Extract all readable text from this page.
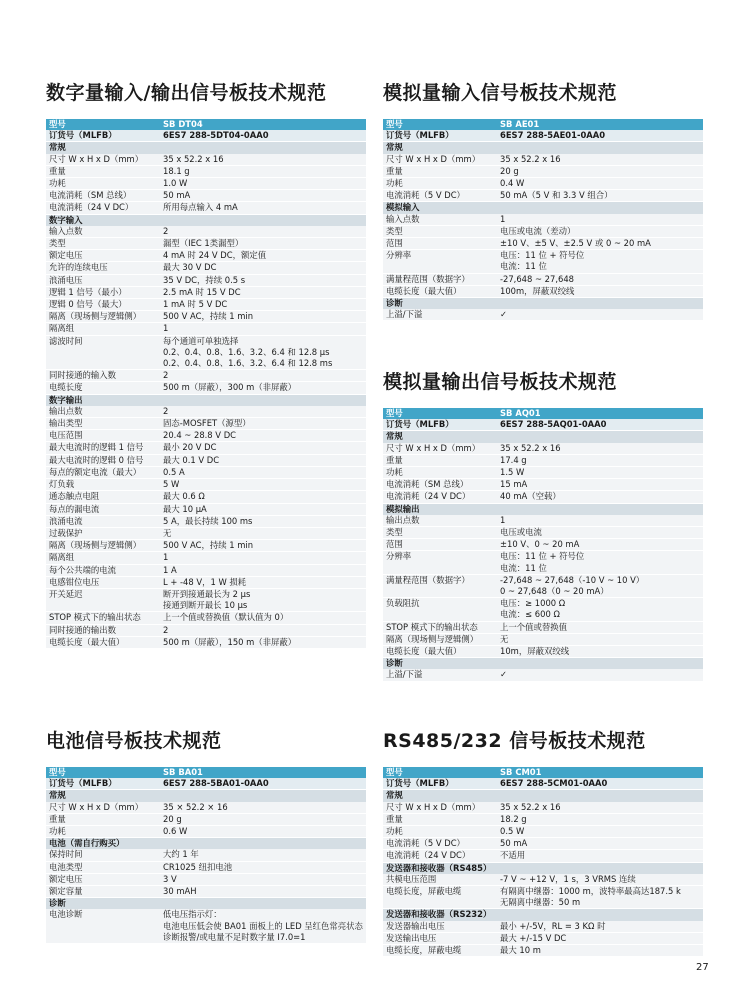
数字量输入/输出信号板技术规范
型号	SB DT04
订货号（MLFB）	6ES7 288-5DT04-0AA0
常规	
尺寸 W x H x D（mm）	35 x 52.2 x 16
重量	18.1 g
功耗	1.0 W
电流消耗（SM 总线）	50 mA
电流消耗（24 V DC）	所用每点输入 4 mA
数字输入	
输入点数	2
类型	漏型（IEC 1类漏型）
额定电压	4 mA 时 24 V DC，额定值
允许的连续电压	最大 30 V DC
浪涌电压	35 V DC，持续 0.5 s
逻辑 1 信号（最小）	2.5 mA 时 15 V DC
逻辑 0 信号（最大）	1 mA 时 5 V DC
隔离（现场侧与逻辑侧）	500 V AC，持续 1 min
隔离组	1
滤波时间	每个通道可单独选择
	0.2、0.4、0.8、1.6、3.2、6.4 和 12.8 μs
	0.2、0.4、0.8、1.6、3.2、6.4 和 12.8 ms
同时接通的输入数	2
电缆长度	500 m（屏蔽），300 m（非屏蔽）
数字输出	
输出点数	2
输出类型	固态-MOSFET（源型）
电压范围	20.4 ~ 28.8 V DC
最大电流时的逻辑 1 信号	最小 20 V DC
最大电流时的逻辑 0 信号	最大 0.1 V DC
每点的额定电流（最大）	0.5 A
灯负载	5 W
通态触点电阻	最大 0.6 Ω
每点的漏电流	最大 10 μA
浪涌电流	5 A，最长持续 100 ms
过载保护	无
隔离（现场侧与逻辑侧）	500 V AC，持续 1 min
隔离组	1
每个公共端的电流	1 A
电感钳位电压	L + -48 V，1 W 损耗
开关延迟	断开到接通最长为 2 μs
	接通到断开最长 10 μs
STOP 模式下的输出状态	上一个值或替换值（默认值为 0）
同时接通的输出数	2
电缆长度（最大值）	500 m（屏蔽），150 m（非屏蔽）
模拟量输入信号板技术规范
型号	SB AE01
订货号（MLFB）	6ES7 288-5AE01-0AA0
常规	
尺寸 W x H x D（mm）	35 x 52.2 x 16
重量	20 g
功耗	0.4 W
电流消耗（5 V DC）	50 mA（5 V 和 3.3 V 组合）
模拟输入	
输入点数	1
类型	电压或电流（差动）
范围	±10 V、±5 V、±2.5 V 或 0 ~ 20 mA
分辨率	电压：11 位 + 符号位
	电流：11 位
满量程范围（数据字）	-27,648 ~ 27,648
电缆长度（最大值）	100m，屏蔽双绞线
诊断	
上溢/下溢	✓
模拟量输出信号板技术规范
型号	SB AQ01
订货号（MLFB）	6ES7 288-5AQ01-0AA0
常规	
尺寸 W x H x D（mm）	35 x 52.2 x 16
重量	17.4 g
功耗	1.5 W
电流消耗（SM 总线）	15 mA
电流消耗（24 V DC）	40 mA（空载）
模拟输出	
输出点数	1
类型	电压或电流
范围	±10 V、0 ~ 20 mA
分辨率	电压：11 位 + 符号位
	电流：11 位
满量程范围（数据字）	-27,648 ~ 27,648（-10 V ~ 10 V）
	0 ~ 27,648（0 ~ 20 mA）
负载阻抗	电压：≥ 1000 Ω
	电流：≤ 600 Ω
STOP 模式下的输出状态	上一个值或替换值
隔离（现场侧与逻辑侧）	无
电缆长度（最大值）	10m，屏蔽双绞线
诊断	
上溢/下溢	✓
电池信号板技术规范
型号	SB BA01
订货号（MLFB）	6ES7 288-5BA01-0AA0
常规	
尺寸 W x H x D（mm）	35 × 52.2 × 16
重量	20 g
功耗	0.6 W
电池（需自行购买）	
保持时间	大约 1 年
电池类型	CR1025 纽扣电池
额定电压	3 V
额定容量	30 mAH
诊断	
电池诊断	低电压指示灯：
	电池电压低会使 BA01 面板上的 LED 呈红色常亮状态
	诊断报警/或电量不足时数字量 I7.0=1
RS485/232 信号板技术规范
型号	SB CM01
订货号（MLFB）	6ES7 288-5CM01-0AA0
常规	
尺寸 W x H x D（mm）	35 x 52.2 x 16
重量	18.2 g
功耗	0.5 W
电流消耗（5 V DC）	50 mA
电流消耗（24 V DC）	不适用
发送器和接收器（RS485）	
共模电压范围	-7 V ~ +12 V，1 s，3 VRMS 连续
电缆长度，屏蔽电缆	有隔离中继器：1000 m，波特率最高达187.5 k
	无隔离中继器：50 m
发送器和接收器（RS232）	
发送器输出电压	最小 +/-5V，RL = 3 KΩ 时
发送输出电压	最大 +/-15 V DC
电缆长度，屏蔽电缆	最大 10 m
27
